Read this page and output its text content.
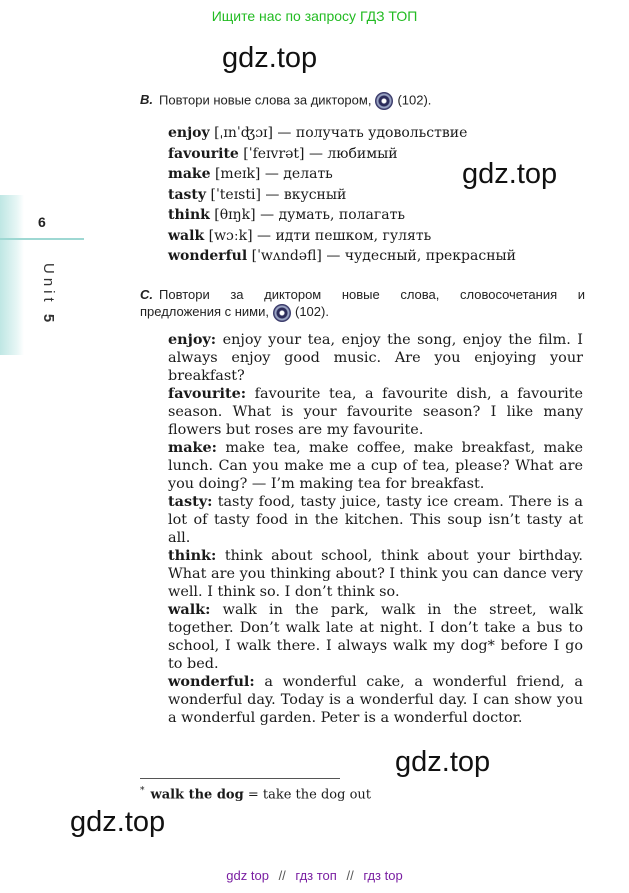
Ищите нас по запросу ГДЗ ТОП
gdz.top
gdz.top
gdz.top
gdz.top
6
Unit 5
B. Повтори новые слова за диктором, (102).
enjoy [ˌɪnˈʤɔɪ] — получать удовольствие
favourite [ˈfeɪvrət] — любимый
make [meɪk] — делать
tasty [ˈteɪsti] — вкусный
think [θɪŋk] — думать, полагать
walk [wɔːk] — идти пешком, гулять
wonderful [ˈwʌndəfl] — чудесный, прекрасный
C. Повтори за диктором новые слова, словосочетания и
предложения с ними, (102).

enjoy: enjoy your tea, enjoy the song, enjoy the film. I always enjoy good music. Are you enjoying your breakfast?

favourite: favourite tea, a favourite dish, a favourite season. What is your favourite season? I like many flowers but roses are my favourite.

make: make tea, make coffee, make breakfast, make lunch. Can you make me a cup of tea, please? What are you doing? — I’m making tea for breakfast.

tasty: tasty food, tasty juice, tasty ice cream. There is a lot of tasty food in the kitchen. This soup isn’t tasty at all.

think: think about school, think about your birthday. What are you thinking about? I think you can dance very well. I think so. I don’t think so.

walk: walk in the park, walk in the street, walk together. Don’t walk late at night. I don’t take a bus to school, I walk there. I always walk my dog* before I go to bed.

wonderful: a wonderful cake, a wonderful friend, a wonderful day. Today is a wonderful day. I can show you a wonderful garden. Peter is a wonderful doctor.

* walk the dog = take the dog out
gdz top // гдз топ // гдз top
